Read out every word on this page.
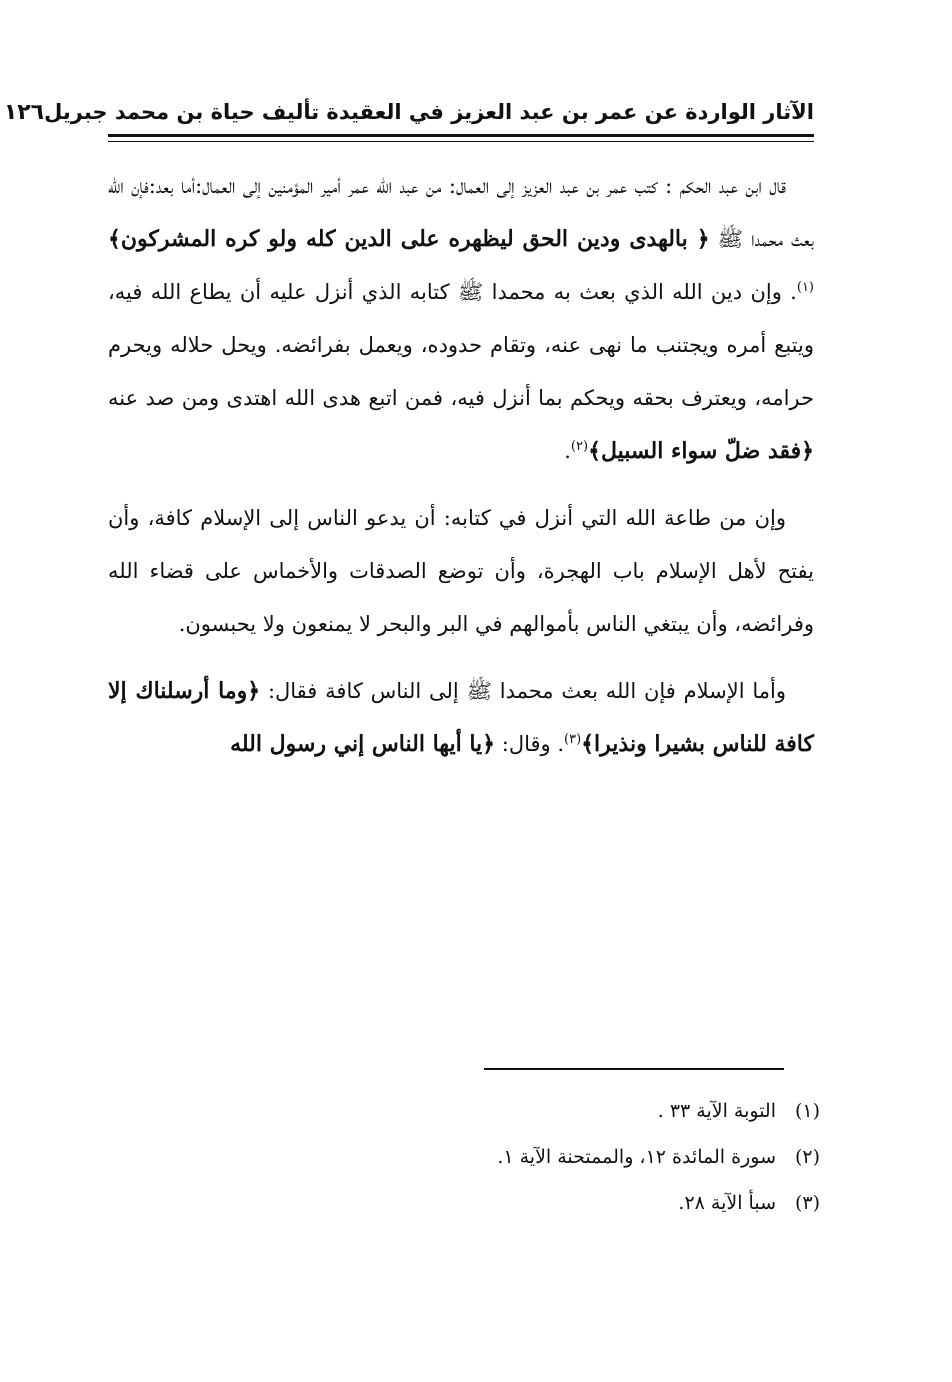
الآثار الواردة عن عمر بن عبد العزيز في العقيدة تأليف حياة بن محمد جبريل
١٢٦

قال ابن عبد الحكم : كتب عمر بن عبد العزيز إلى العمال: من عبد الله عمر أمير المؤمنين إلى العمال:أما بعد:فإن الله بعث محمدا ﷺ ﴿ بالهدى ودين الحق ليظهره على الدين كله ولو كره المشركون﴾$^{(١)}$. وإن دين الله الذي بعث به محمدا ﷺ كتابه الذي أنزل عليه أن يطاع الله فيه، ويتبع أمره ويجتنب ما نهى عنه، وتقام حدوده، ويعمل بفرائضه. ويحل حلاله ويحرم حرامه، ويعترف بحقه ويحكم بما أنزل فيه، فمن اتبع هدى الله اهتدى ومن صد عنه ﴿فقد ضلّ سواء السبيل﴾$^{(٢)}$.

وإن من طاعة الله التي أنزل في كتابه: أن يدعو الناس إلى الإسلام كافة، وأن يفتح لأهل الإسلام باب الهجرة، وأن توضع الصدقات والأخماس على قضاء الله وفرائضه، وأن يبتغي الناس بأموالهم في البر والبحر لا يمنعون ولا يحبسون.

وأما الإسلام فإن الله بعث محمدا ﷺ إلى الناس كافة فقال: ﴿وما أرسلناك إلا كافة للناس بشيرا ونذيرا﴾$^{(٣)}$. وقال: ﴿يا أيها الناس إني رسول الله

(١)
التوبة الآية ٣٣ .
(٢)
سورة المائدة ١٢، والممتحنة الآية ١.
(٣)
سبأ الآية ٢٨.
